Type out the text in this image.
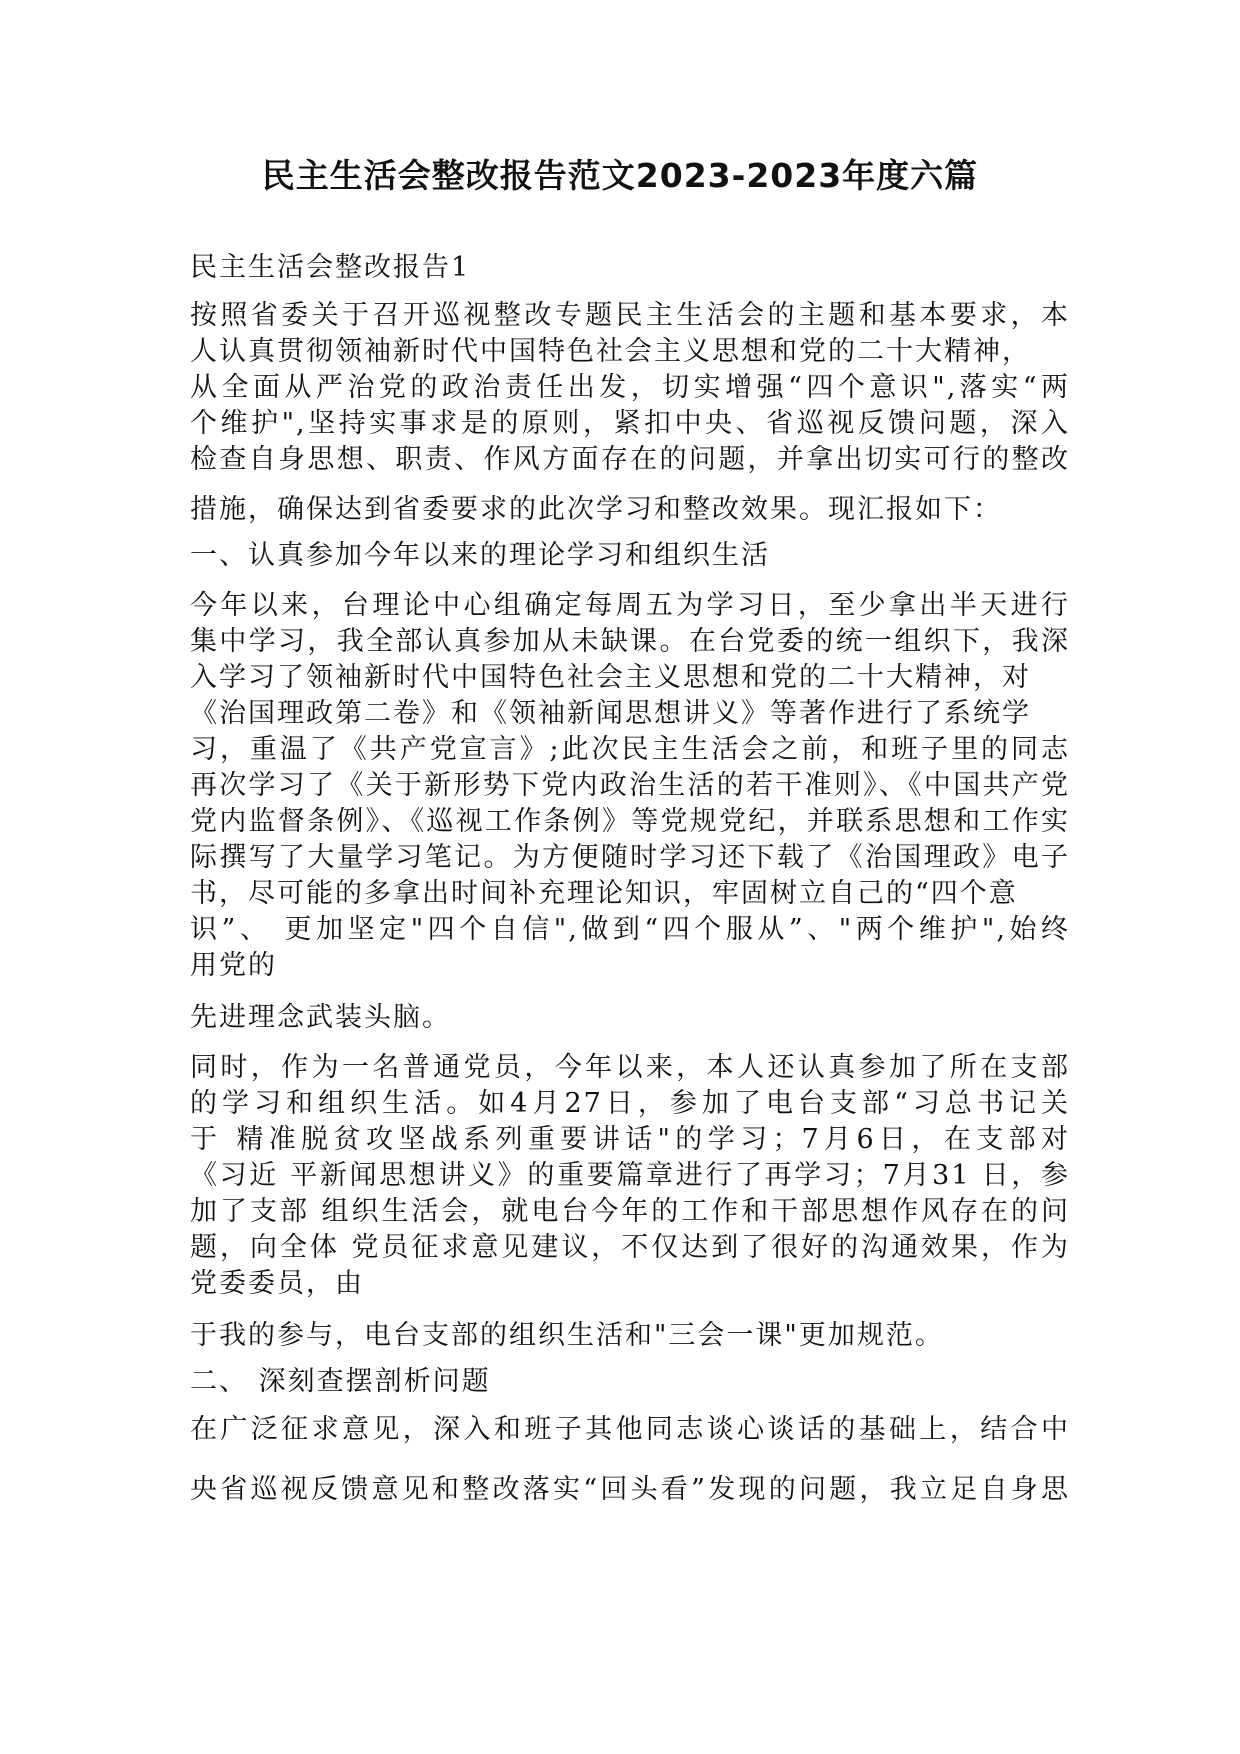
民主生活会整改报告范文2023-2023年度六篇
民主生活会整改报告1
按照省委关于召开巡视整改专题民主生活会的主题和基本要求，本
人认真贯彻领袖新时代中国特色社会主义思想和党的二十大精神，
从全面从严治党的政治责任出发，切实增强“四个意识",落实“两
个维护",坚持实事求是的原则，紧扣中央、省巡视反馈问题，深入
检查自身思想、职责、作风方面存在的问题，并拿出切实可行的整改
措施，确保达到省委要求的此次学习和整改效果。现汇报如下：
一、认真参加今年以来的理论学习和组织生活
今年以来，台理论中心组确定每周五为学习日，至少拿出半天进行
集中学习，我全部认真参加从未缺课。在台党委的统一组织下，我深
入学习了领袖新时代中国特色社会主义思想和党的二十大精神，对
《治国理政第二卷》和《领袖新闻思想讲义》等著作进行了系统学
习，重温了《共产党宣言》;此次民主生活会之前，和班子里的同志
再次学习了《关于新形势下党内政治生活的若干准则》、《中国共产党
党内监督条例》、《巡视工作条例》等党规党纪，并联系思想和工作实
际撰写了大量学习笔记。为方便随时学习还下载了《治国理政》电子
书，尽可能的多拿出时间补充理论知识，牢固树立自己的“四个意
识”、 更加坚定"四个自信",做到“四个服从”、"两个维护",始终
用党的
先进理念武装头脑。
同时，作为一名普通党员，今年以来，本人还认真参加了所在支部
的学习和组织生活。如4月27日，参加了电台支部“习总书记关
于 精准脱贫攻坚战系列重要讲话"的学习；7月6日，在支部对
《习近 平新闻思想讲义》的重要篇章进行了再学习；7月31 日，参
加了支部 组织生活会，就电台今年的工作和干部思想作风存在的问
题，向全体 党员征求意见建议，不仅达到了很好的沟通效果，作为
党委委员，由
于我的参与，电台支部的组织生活和"三会一课"更加规范。
二、 深刻查摆剖析问题
在广泛征求意见，深入和班子其他同志谈心谈话的基础上，结合中
央省巡视反馈意见和整改落实“回头看”发现的问题，我立足自身思
